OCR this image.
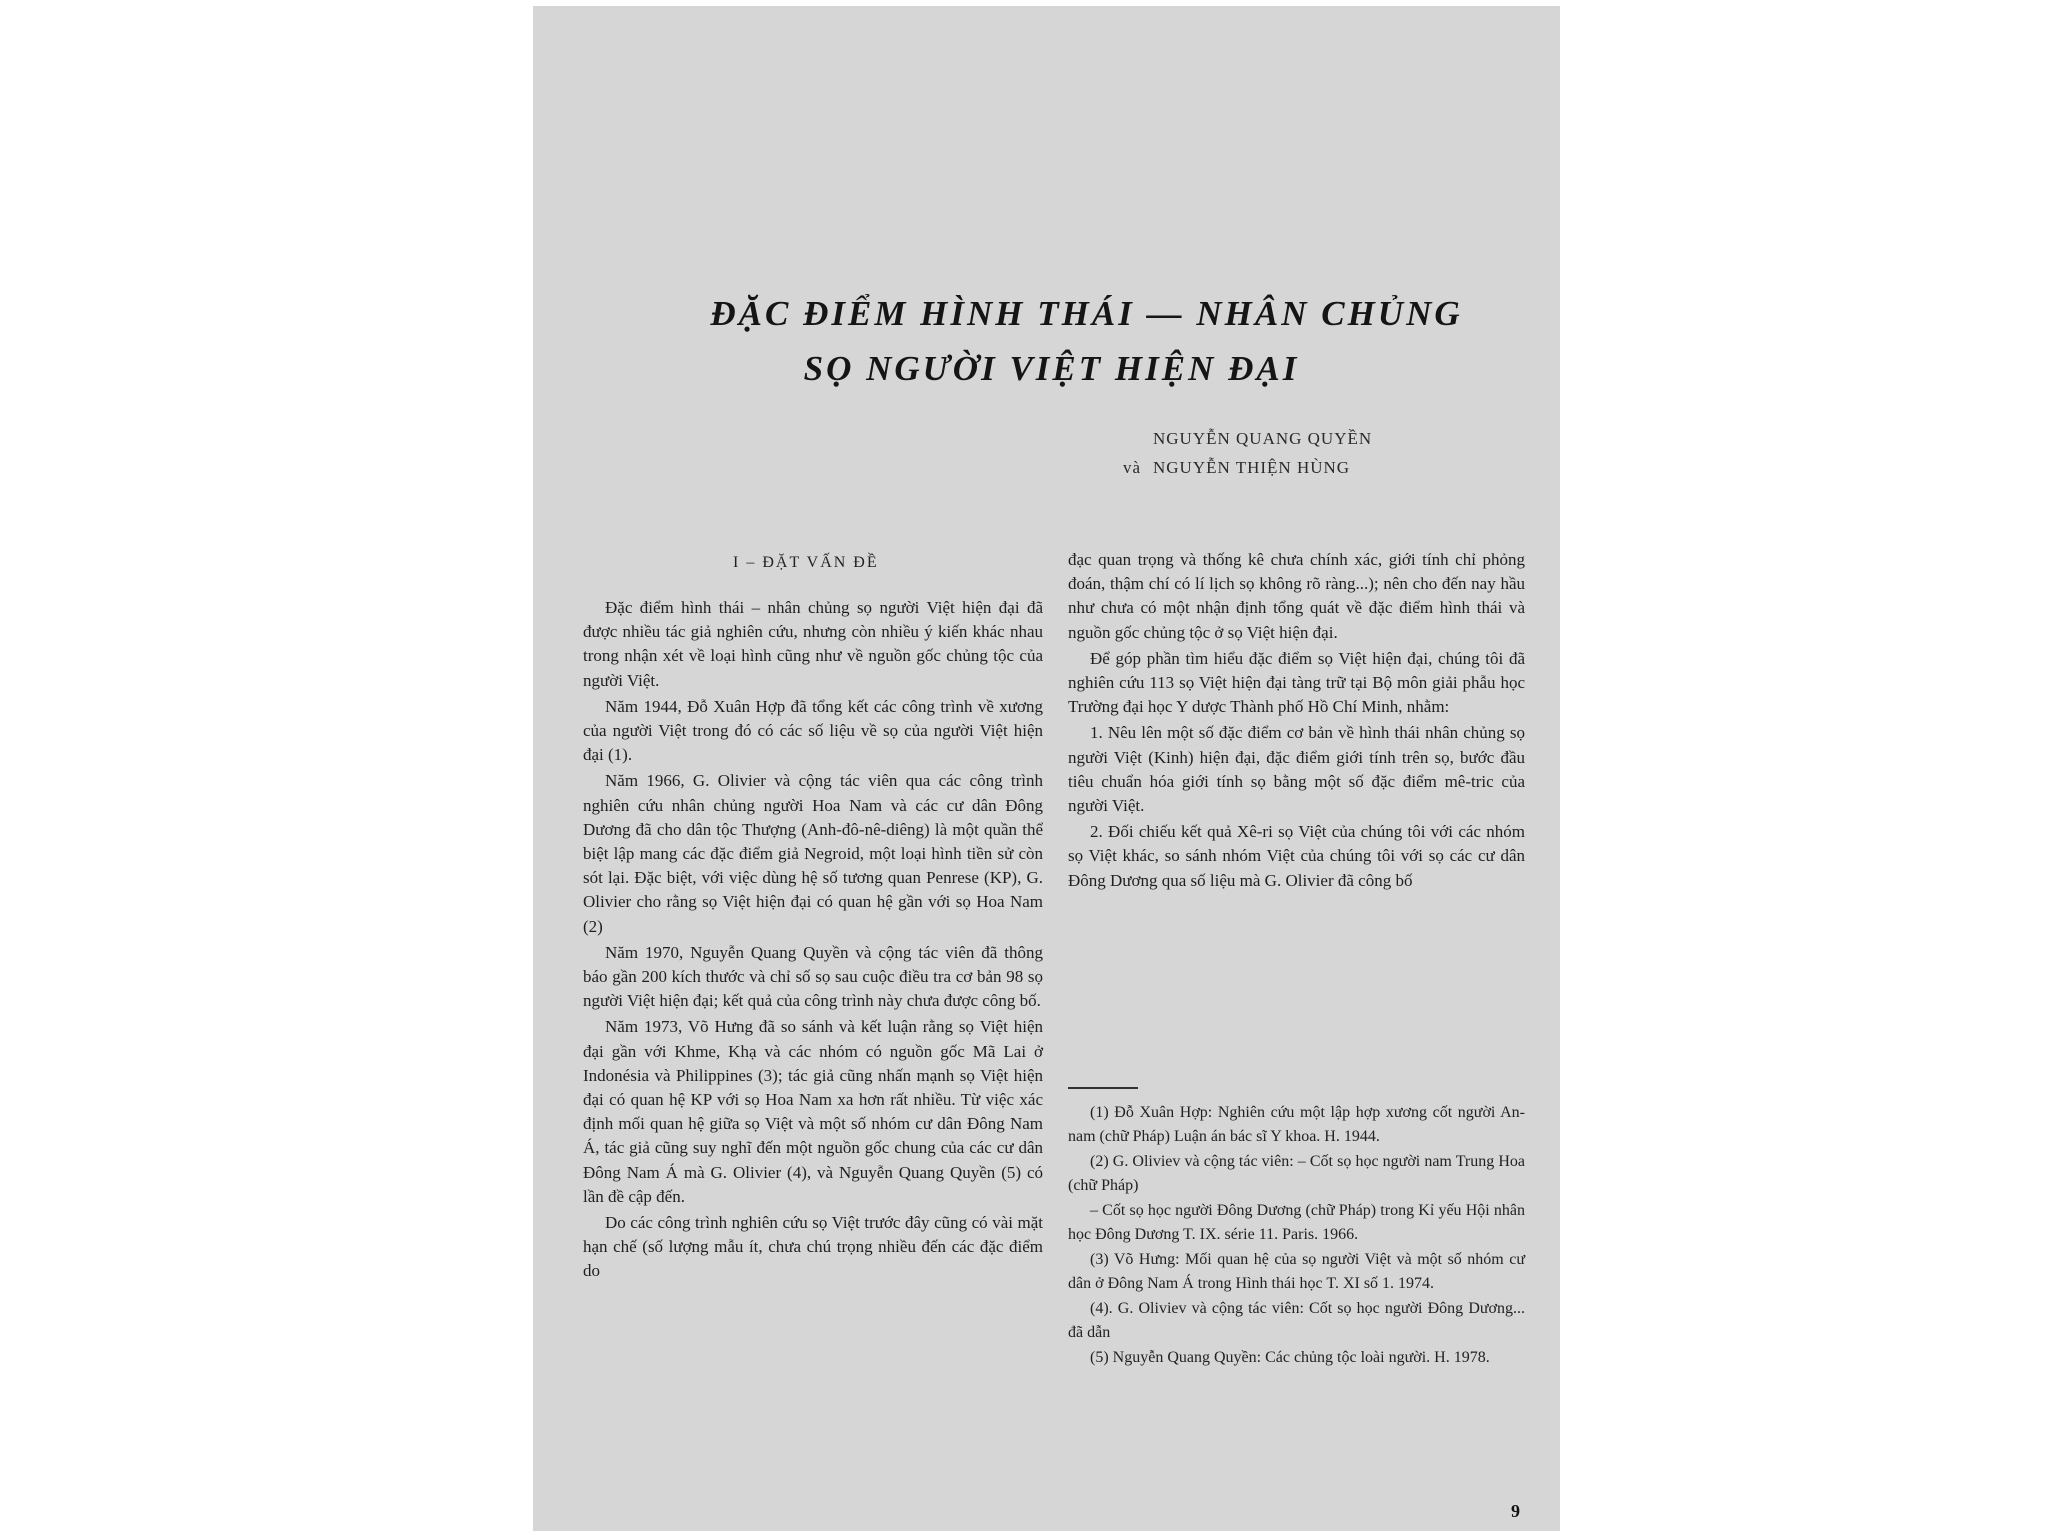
ĐẶC ĐIỂM HÌNH THÁI — NHÂN CHỦNG
SỌ NGƯỜI VIỆT HIỆN ĐẠI
NGUYỄN QUANG QUYỀN
và NGUYỄN THIỆN HÙNG
I – ĐẶT VẤN ĐỀ

Đặc điểm hình thái – nhân chủng sọ người Việt hiện đại đã được nhiều tác giả nghiên cứu, nhưng còn nhiều ý kiến khác nhau trong nhận xét về loại hình cũng như về nguồn gốc chủng tộc của người Việt.

Năm 1944, Đỗ Xuân Hợp đã tổng kết các công trình về xương của người Việt trong đó có các số liệu về sọ của người Việt hiện đại (1).

Năm 1966, G. Olivier và cộng tác viên qua các công trình nghiên cứu nhân chủng người Hoa Nam và các cư dân Đông Dương đã cho dân tộc Thượng (Anh-đô-nê-diêng) là một quần thể biệt lập mang các đặc điểm giả Negroid, một loại hình tiền sử còn sót lại. Đặc biệt, với việc dùng hệ số tương quan Penrese (KP), G. Olivier cho rằng sọ Việt hiện đại có quan hệ gần với sọ Hoa Nam (2)

Năm 1970, Nguyễn Quang Quyền và cộng tác viên đã thông báo gần 200 kích thước và chỉ số sọ sau cuộc điều tra cơ bản 98 sọ người Việt hiện đại; kết quả của công trình này chưa được công bố.

Năm 1973, Võ Hưng đã so sánh và kết luận rằng sọ Việt hiện đại gần với Khme, Khạ và các nhóm có nguồn gốc Mã Lai ở Indonésia và Philippines (3); tác giả cũng nhấn mạnh sọ Việt hiện đại có quan hệ KP với sọ Hoa Nam xa hơn rất nhiều. Từ việc xác định mối quan hệ giữa sọ Việt và một số nhóm cư dân Đông Nam Á, tác giả cũng suy nghĩ đến một nguồn gốc chung của các cư dân Đông Nam Á mà G. Olivier (4), và Nguyễn Quang Quyền (5) có lần đề cập đến.

Do các công trình nghiên cứu sọ Việt trước đây cũng có vài mặt hạn chế (số lượng mẫu ít, chưa chú trọng nhiều đến các đặc điểm do

đạc quan trọng và thống kê chưa chính xác, giới tính chỉ phỏng đoán, thậm chí có lí lịch sọ không rõ ràng...); nên cho đến nay hầu như chưa có một nhận định tổng quát về đặc điểm hình thái và nguồn gốc chủng tộc ở sọ Việt hiện đại.

Để góp phần tìm hiểu đặc điểm sọ Việt hiện đại, chúng tôi đã nghiên cứu 113 sọ Việt hiện đại tàng trữ tại Bộ môn giải phẫu học Trường đại học Y dược Thành phố Hồ Chí Minh, nhằm:

1. Nêu lên một số đặc điểm cơ bản về hình thái nhân chủng sọ người Việt (Kinh) hiện đại, đặc điểm giới tính trên sọ, bước đầu tiêu chuẩn hóa giới tính sọ bằng một số đặc điểm mê-tric của người Việt.

2. Đối chiếu kết quả Xê-ri sọ Việt của chúng tôi với các nhóm sọ Việt khác, so sánh nhóm Việt của chúng tôi với sọ các cư dân Đông Dương qua số liệu mà G. Olivier đã công bố

(1) Đỗ Xuân Hợp: Nghiên cứu một lập hợp xương cốt người An-nam (chữ Pháp) Luận án bác sĩ Y khoa. H. 1944.

(2) G. Oliviev và cộng tác viên: – Cốt sọ học người nam Trung Hoa (chữ Pháp)

– Cốt sọ học người Đông Dương (chữ Pháp) trong Kỉ yếu Hội nhân học Đông Dương T. IX. série 11. Paris. 1966.

(3) Võ Hưng: Mối quan hệ của sọ người Việt và một số nhóm cư dân ở Đông Nam Á trong Hình thái học T. XI số 1. 1974.

(4). G. Oliviev và cộng tác viên: Cốt sọ học người Đông Dương... đã dẫn

(5) Nguyễn Quang Quyền: Các chủng tộc loài người. H. 1978.

9
